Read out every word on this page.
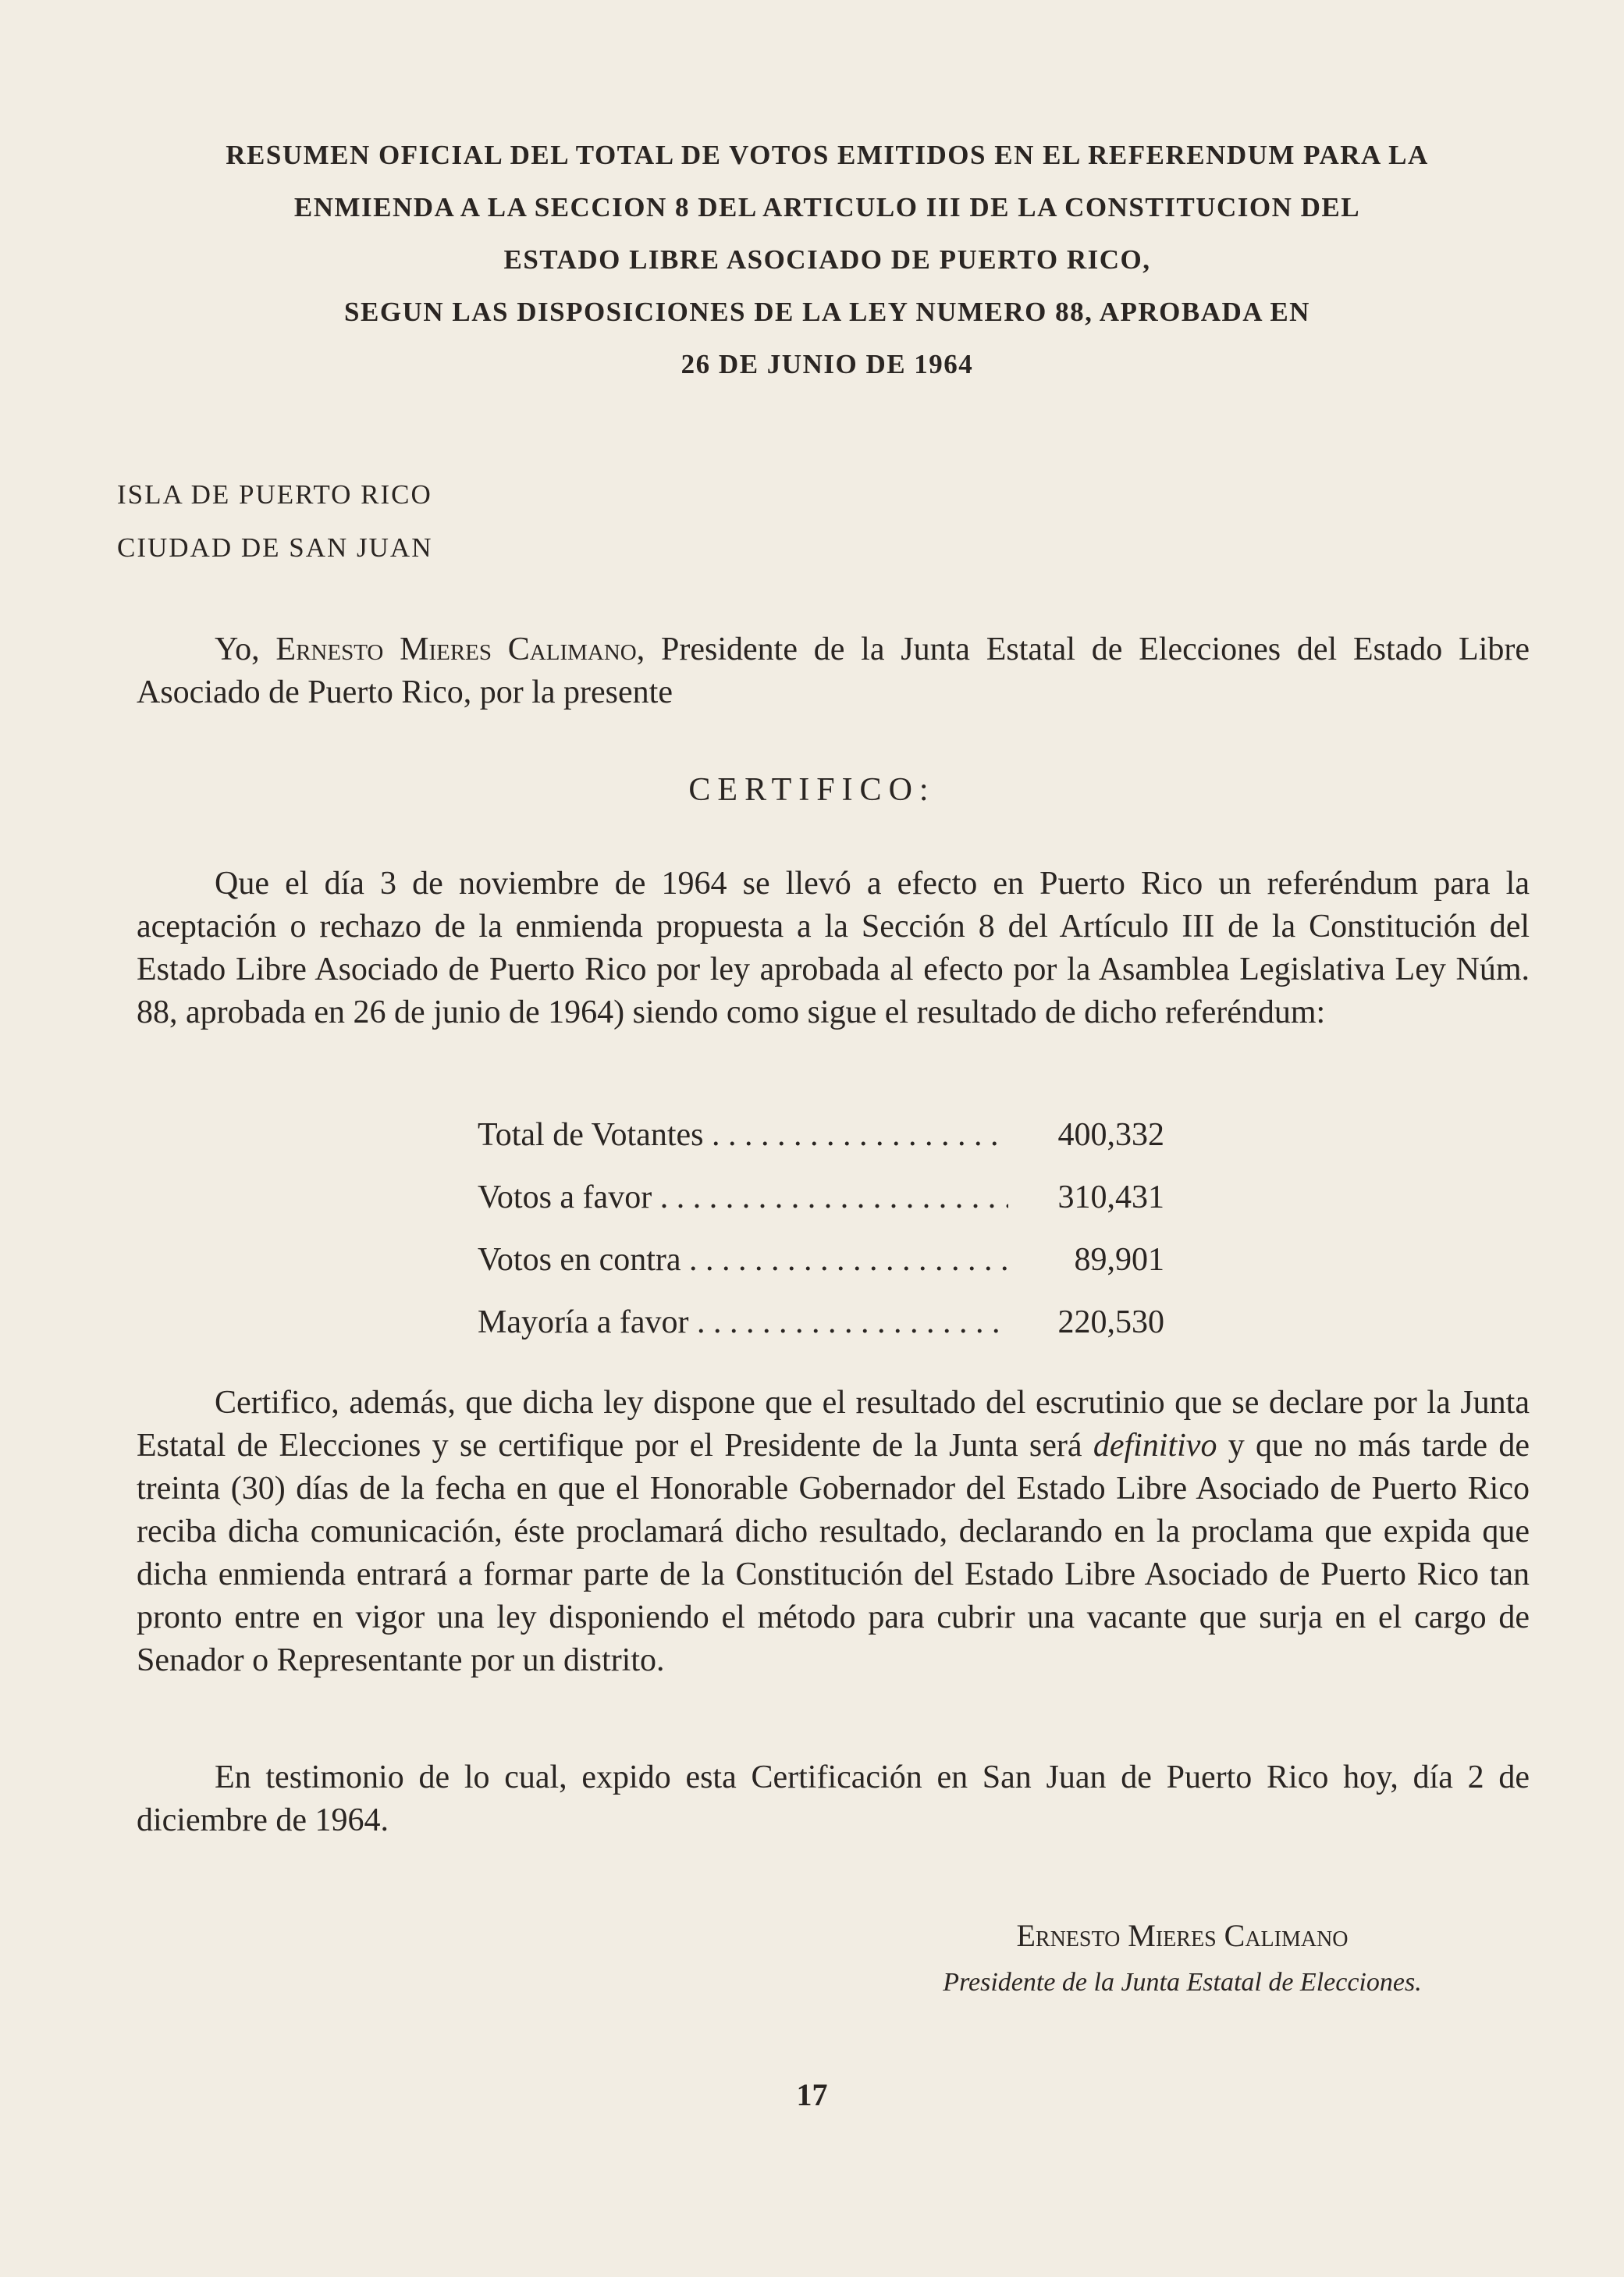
RESUMEN OFICIAL DEL TOTAL DE VOTOS EMITIDOS EN EL REFERENDUM PARA LA
ENMIENDA A LA SECCION 8 DEL ARTICULO III DE LA CONSTITUCION DEL
ESTADO LIBRE ASOCIADO DE PUERTO RICO,
SEGUN LAS DISPOSICIONES DE LA LEY NUMERO 88, APROBADA EN
26 DE JUNIO DE 1964
ISLA DE PUERTO RICO
CIUDAD DE SAN JUAN
Yo, Ernesto Mieres Calimano, Presidente de la Junta Estatal de Elecciones del Estado Libre Asociado de Puerto Rico, por la presente
CERTIFICO:
Que el día 3 de noviembre de 1964 se llevó a efecto en Puerto Rico un referéndum para la aceptación o rechazo de la enmienda propuesta a la Sección 8 del Artículo III de la Constitución del Estado Libre Asociado de Puerto Rico por ley aprobada al efecto por la Asamblea Legislativa Ley Núm. 88, aprobada en 26 de junio de 1964) siendo como sigue el resultado de dicho referéndum:
Total de Votantes . . .	400,332
Votos a favor . . .	310,431
Votos en contra . . .	89,901
Mayoría a favor . . .	220,530
Certifico, además, que dicha ley dispone que el resultado del escrutinio que se declare por la Junta Estatal de Elecciones y se certifique por el Presidente de la Junta será definitivo y que no más tarde de treinta (30) días de la fecha en que el Honorable Gobernador del Estado Libre Asociado de Puerto Rico reciba dicha comunicación, éste proclamará dicho resultado, declarando en la proclama que expida que dicha enmienda entrará a formar parte de la Constitución del Estado Libre Asociado de Puerto Rico tan pronto entre en vigor una ley disponiendo el método para cubrir una vacante que surja en el cargo de Senador o Representante por un distrito.
En testimonio de lo cual, expido esta Certificación en San Juan de Puerto Rico hoy, día 2 de diciembre de 1964.
Ernesto Mieres Calimano
Presidente de la Junta Estatal de Elecciones.
17
